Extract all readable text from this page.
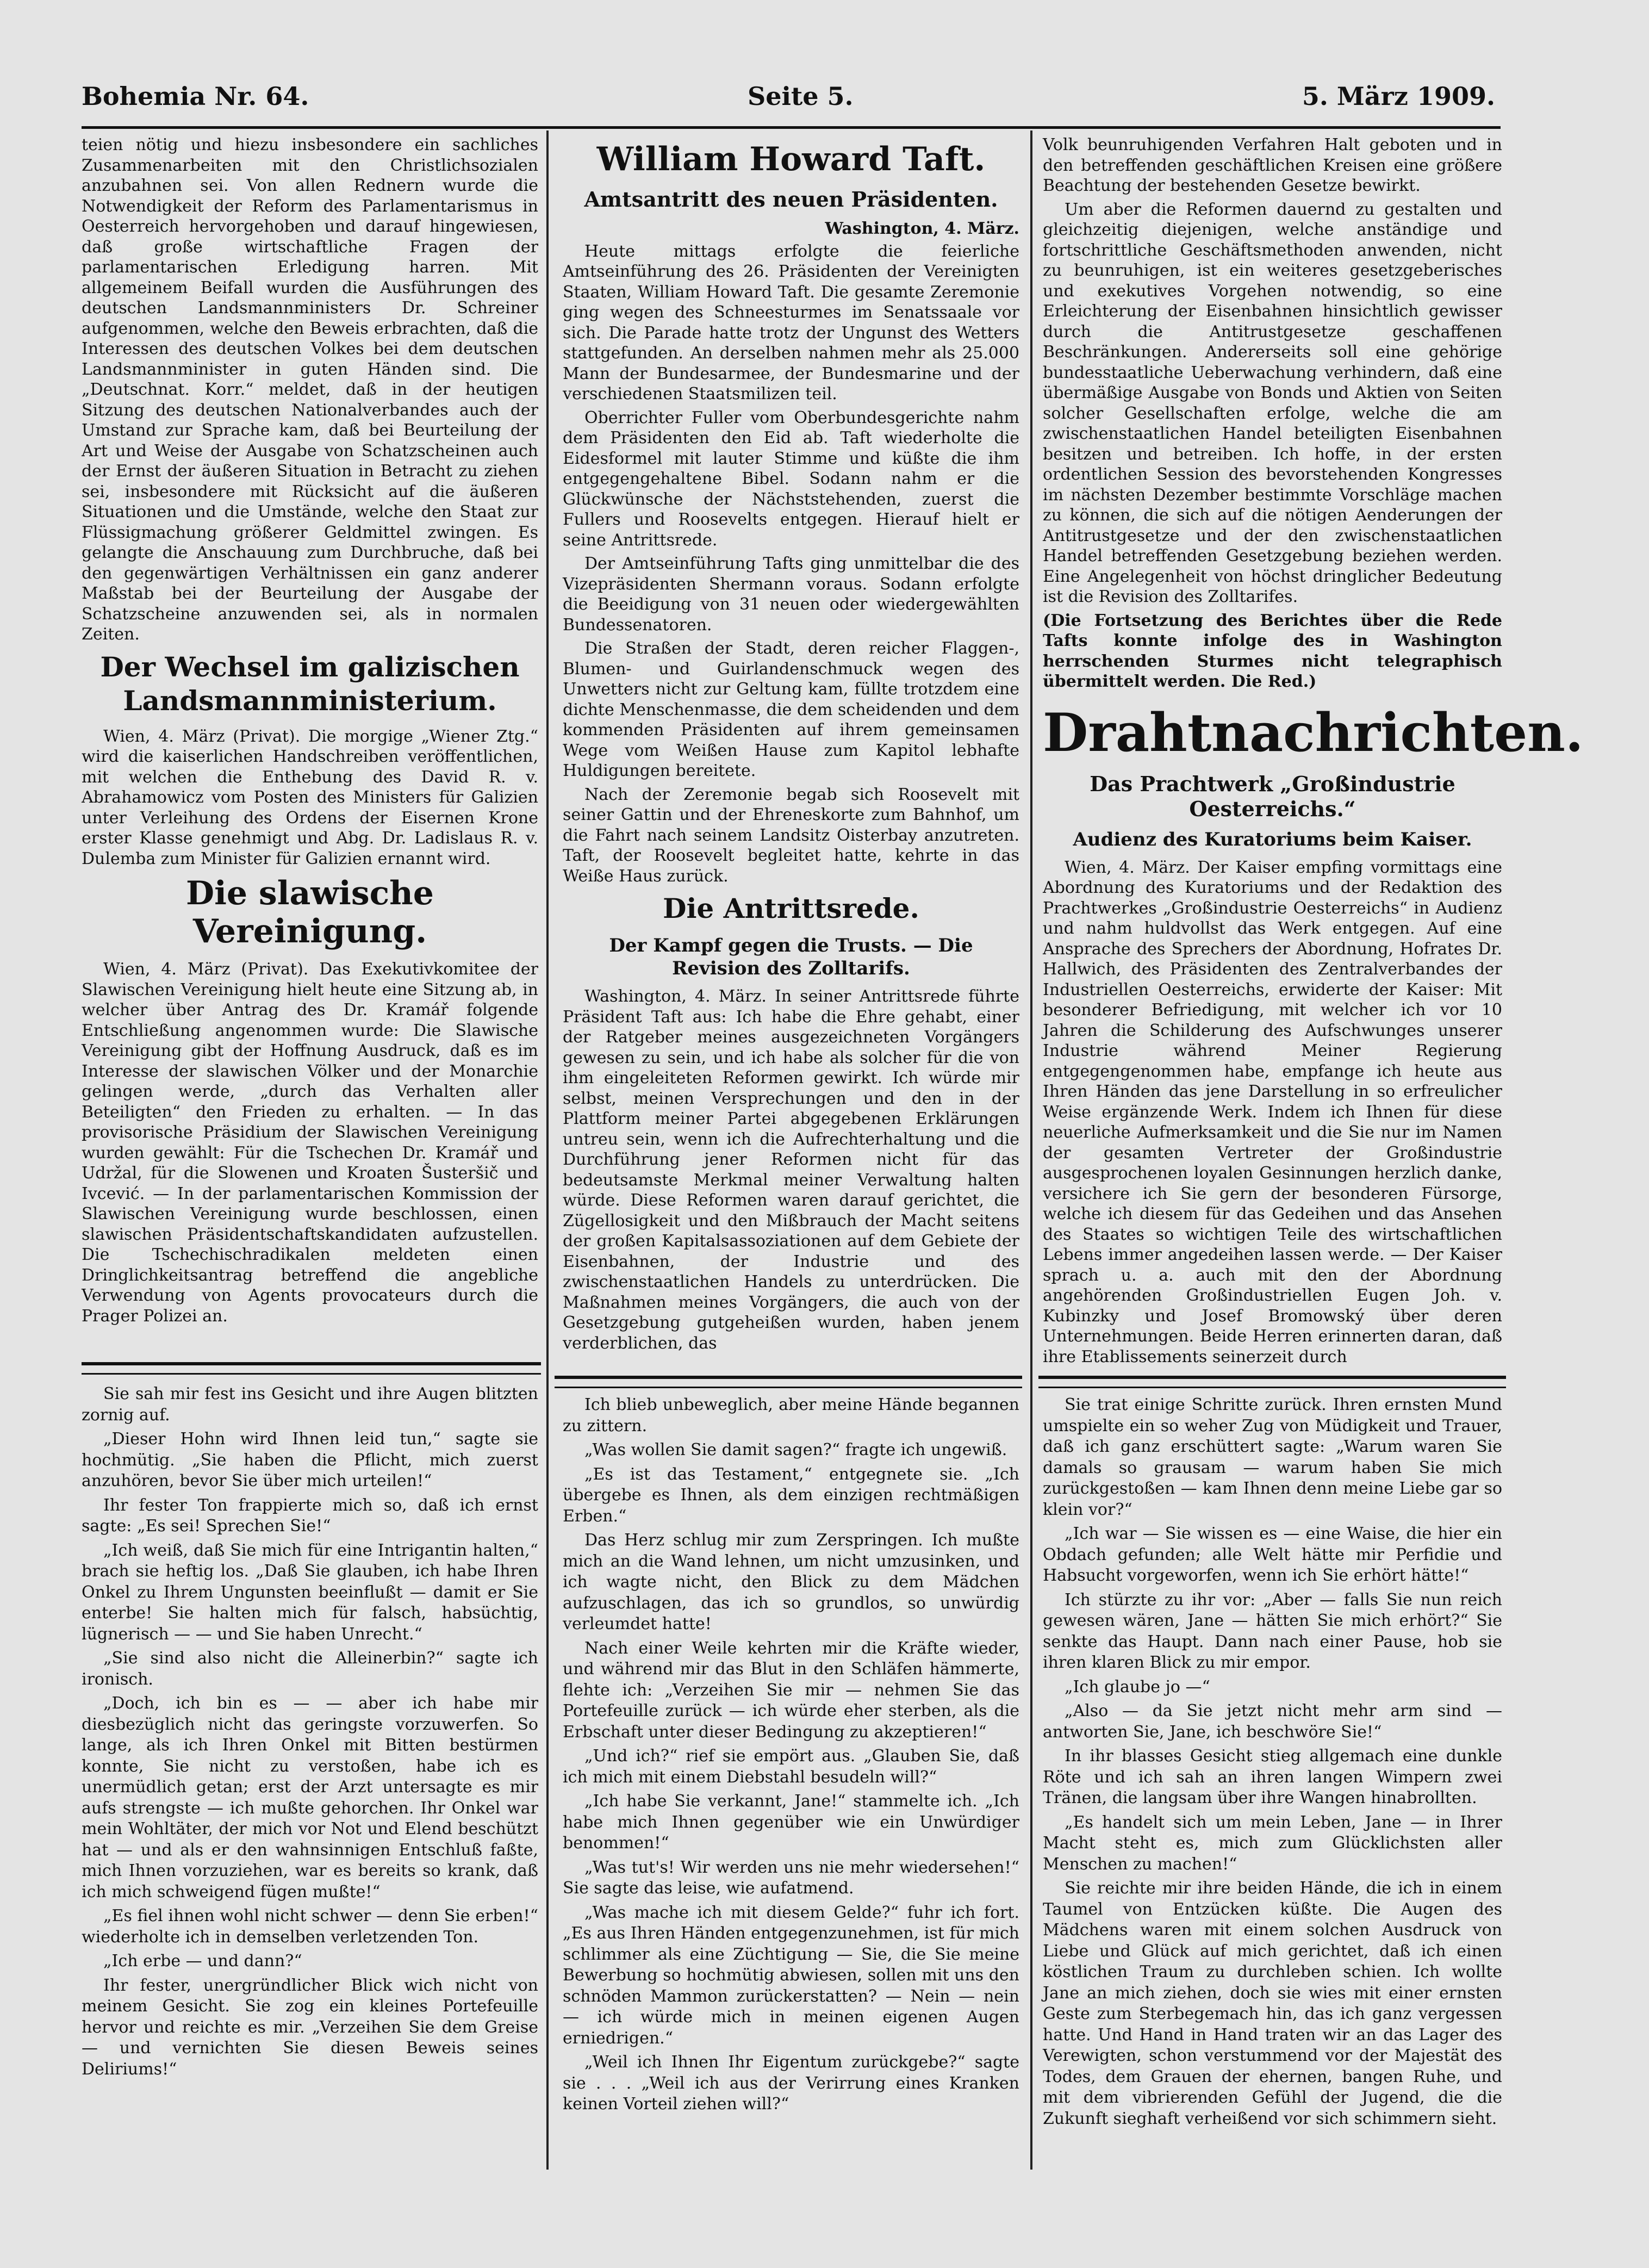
Bohemia Nr. 64.	Seite 5.	5. März 1909.

teien nötig und hiezu insbesondere ein sachliches Zusammenarbeiten mit den Christlichsozialen anzubahnen sei. Von allen Rednern wurde die Notwendigkeit der Reform des Parlamentarismus in Oesterreich hervorgehoben und darauf hingewiesen, daß große wirtschaftliche Fragen der parlamentarischen Erledigung harren. Mit allgemeinem Beifall wurden die Ausführungen des deutschen Landsmannministers Dr. Schreiner aufgenommen, welche den Beweis erbrachten, daß die Interessen des deutschen Volkes bei dem deutschen Landsmannminister in guten Händen sind. Die „Deutschnat. Korr.“ meldet, daß in der heutigen Sitzung des deutschen Nationalverbandes auch der Umstand zur Sprache kam, daß bei Beurteilung der Art und Weise der Ausgabe von Schatzscheinen auch der Ernst der äußeren Situation in Betracht zu ziehen sei, insbesondere mit Rücksicht auf die äußeren Situationen und die Umstände, welche den Staat zur Flüssigmachung größerer Geldmittel zwingen. Es gelangte die Anschauung zum Durchbruche, daß bei den gegenwärtigen Verhältnissen ein ganz anderer Maßstab bei der Beurteilung der Ausgabe der Schatzscheine anzuwenden sei, als in normalen Zeiten.

Der Wechsel im galizischen Landsmannministerium.

Wien, 4. März (Privat). Die morgige „Wiener Ztg.“ wird die kaiserlichen Handschreiben veröffentlichen, mit welchen die Enthebung des David R. v. Abrahamowicz vom Posten des Ministers für Galizien unter Verleihung des Ordens der Eisernen Krone erster Klasse genehmigt und Abg. Dr. Ladislaus R. v. Dulemba zum Minister für Galizien ernannt wird.

Die slawische Vereinigung.

Wien, 4. März (Privat). Das Exekutivkomitee der Slawischen Vereinigung hielt heute eine Sitzung ab, in welcher über Antrag des Dr. Kramář folgende Entschließung angenommen wurde: Die Slawische Vereinigung gibt der Hoffnung Ausdruck, daß es im Interesse der slawischen Völker und der Monarchie gelingen werde, „durch das Verhalten aller Beteiligten“ den Frieden zu erhalten. — In das provisorische Präsidium der Slawischen Vereinigung wurden gewählt: Für die Tschechen Dr. Kramář und Udržal, für die Slowenen und Kroaten Šusteršič und Ivcević. — In der parlamentarischen Kommission der Slawischen Vereinigung wurde beschlossen, einen slawischen Präsidentschaftskandidaten aufzustellen. Die Tschechischradikalen meldeten einen Dringlichkeitsantrag betreffend die angebliche Verwendung von Agents provocateurs durch die Prager Polizei an.

William Howard Taft.
Amtsantritt des neuen Präsidenten.
Washington, 4. März.

Heute mittags erfolgte die feierliche Amtseinführung des 26. Präsidenten der Vereinigten Staaten, William Howard Taft. Die gesamte Zeremonie ging wegen des Schneesturmes im Senatssaale vor sich. Die Parade hatte trotz der Ungunst des Wetters stattgefunden. An derselben nahmen mehr als 25.000 Mann der Bundesarmee, der Bundesmarine und der verschiedenen Staatsmilizen teil.

Oberrichter Fuller vom Oberbundesgerichte nahm dem Präsidenten den Eid ab. Taft wiederholte die Eidesformel mit lauter Stimme und küßte die ihm entgegengehaltene Bibel. Sodann nahm er die Glückwünsche der Nächststehenden, zuerst die Fullers und Roosevelts entgegen. Hierauf hielt er seine Antrittsrede.

Der Amtseinführung Tafts ging unmittelbar die des Vizepräsidenten Shermann voraus. Sodann erfolgte die Beeidigung von 31 neuen oder wiedergewählten Bundessenatoren.

Die Straßen der Stadt, deren reicher Flaggen-, Blumen- und Guirlandenschmuck wegen des Unwetters nicht zur Geltung kam, füllte trotzdem eine dichte Menschenmasse, die dem scheidenden und dem kommenden Präsidenten auf ihrem gemeinsamen Wege vom Weißen Hause zum Kapitol lebhafte Huldigungen bereitete.

Nach der Zeremonie begab sich Roosevelt mit seiner Gattin und der Ehreneskorte zum Bahnhof, um die Fahrt nach seinem Landsitz Oisterbay anzutreten. Taft, der Roosevelt begleitet hatte, kehrte in das Weiße Haus zurück.

Die Antrittsrede.
Der Kampf gegen die Trusts. — Die Revision des Zolltarifs.

Washington, 4. März. In seiner Antrittsrede führte Präsident Taft aus: Ich habe die Ehre gehabt, einer der Ratgeber meines ausgezeichneten Vorgängers gewesen zu sein, und ich habe als solcher für die von ihm eingeleiteten Reformen gewirkt. Ich würde mir selbst, meinen Versprechungen und den in der Plattform meiner Partei abgegebenen Erklärungen untreu sein, wenn ich die Aufrechterhaltung und die Durchführung jener Reformen nicht für das bedeutsamste Merkmal meiner Verwaltung halten würde. Diese Reformen waren darauf gerichtet, die Zügellosigkeit und den Mißbrauch der Macht seitens der großen Kapitalsassoziationen auf dem Gebiete der Eisenbahnen, der Industrie und des zwischenstaatlichen Handels zu unterdrücken. Die Maßnahmen meines Vorgängers, die auch von der Gesetzgebung gutgeheißen wurden, haben jenem verderblichen, das

Volk beunruhigenden Verfahren Halt geboten und in den betreffenden geschäftlichen Kreisen eine größere Beachtung der bestehenden Gesetze bewirkt.

Um aber die Reformen dauernd zu gestalten und gleichzeitig diejenigen, welche anständige und fortschrittliche Geschäftsmethoden anwenden, nicht zu beunruhigen, ist ein weiteres gesetzgeberisches und exekutives Vorgehen notwendig, so eine Erleichterung der Eisenbahnen hinsichtlich gewisser durch die Antitrustgesetze geschaffenen Beschränkungen. Andererseits soll eine gehörige bundesstaatliche Ueberwachung verhindern, daß eine übermäßige Ausgabe von Bonds und Aktien von Seiten solcher Gesellschaften erfolge, welche die am zwischenstaatlichen Handel beteiligten Eisenbahnen besitzen und betreiben. Ich hoffe, in der ersten ordentlichen Session des bevorstehenden Kongresses im nächsten Dezember bestimmte Vorschläge machen zu können, die sich auf die nötigen Aenderungen der Antitrustgesetze und der den zwischenstaatlichen Handel betreffenden Gesetzgebung beziehen werden. Eine Angelegenheit von höchst dringlicher Bedeutung ist die Revision des Zolltarifes.

(Die Fortsetzung des Berichtes über die Rede Tafts konnte infolge des in Washington herrschenden Sturmes nicht telegraphisch übermittelt werden. Die Red.)

Drahtnachrichten.
Das Prachtwerk „Großindustrie Oesterreichs.“
Audienz des Kuratoriums beim Kaiser.

Wien, 4. März. Der Kaiser empfing vormittags eine Abordnung des Kuratoriums und der Redaktion des Prachtwerkes „Großindustrie Oesterreichs“ in Audienz und nahm huldvollst das Werk entgegen. Auf eine Ansprache des Sprechers der Abordnung, Hofrates Dr. Hallwich, des Präsidenten des Zentralverbandes der Industriellen Oesterreichs, erwiderte der Kaiser: Mit besonderer Befriedigung, mit welcher ich vor 10 Jahren die Schilderung des Aufschwunges unserer Industrie während Meiner Regierung entgegengenommen habe, empfange ich heute aus Ihren Händen das jene Darstellung in so erfreulicher Weise ergänzende Werk. Indem ich Ihnen für diese neuerliche Aufmerksamkeit und die Sie nur im Namen der gesamten Vertreter der Großindustrie ausgesprochenen loyalen Gesinnungen herzlich danke, versichere ich Sie gern der besonderen Fürsorge, welche ich diesem für das Gedeihen und das Ansehen des Staates so wichtigen Teile des wirtschaftlichen Lebens immer angedeihen lassen werde. — Der Kaiser sprach u. a. auch mit den der Abordnung angehörenden Großindustriellen Eugen Joh. v. Kubinzky und Josef Bromowský über deren Unternehmungen. Beide Herren erinnerten daran, daß ihre Etablissements seinerzeit durch

Sie sah mir fest ins Gesicht und ihre Augen blitzten zornig auf.

„Dieser Hohn wird Ihnen leid tun,“ sagte sie hochmütig. „Sie haben die Pflicht, mich zuerst anzuhören, bevor Sie über mich urteilen!“

Ihr fester Ton frappierte mich so, daß ich ernst sagte: „Es sei! Sprechen Sie!“

„Ich weiß, daß Sie mich für eine Intrigantin halten,“ brach sie heftig los. „Daß Sie glauben, ich habe Ihren Onkel zu Ihrem Ungunsten beeinflußt — damit er Sie enterbe! Sie halten mich für falsch, habsüchtig, lügnerisch — — und Sie haben Unrecht.“

„Sie sind also nicht die Alleinerbin?“ sagte ich ironisch.

„Doch, ich bin es — — aber ich habe mir diesbezüglich nicht das geringste vorzuwerfen. So lange, als ich Ihren Onkel mit Bitten bestürmen konnte, Sie nicht zu verstoßen, habe ich es unermüdlich getan; erst der Arzt untersagte es mir aufs strengste — ich mußte gehorchen. Ihr Onkel war mein Wohltäter, der mich vor Not und Elend beschützt hat — und als er den wahnsinnigen Entschluß faßte, mich Ihnen vorzuziehen, war es bereits so krank, daß ich mich schweigend fügen mußte!“

„Es fiel ihnen wohl nicht schwer — denn Sie erben!“ wiederholte ich in demselben verletzenden Ton.

„Ich erbe — und dann?“

Ihr fester, unergründlicher Blick wich nicht von meinem Gesicht. Sie zog ein kleines Portefeuille hervor und reichte es mir. „Verzeihen Sie dem Greise — und vernichten Sie diesen Beweis seines Deliriums!“

Ich blieb unbeweglich, aber meine Hände begannen zu zittern.

„Was wollen Sie damit sagen?“ fragte ich ungewiß.

„Es ist das Testament,“ entgegnete sie. „Ich übergebe es Ihnen, als dem einzigen rechtmäßigen Erben.“

Das Herz schlug mir zum Zerspringen. Ich mußte mich an die Wand lehnen, um nicht umzusinken, und ich wagte nicht, den Blick zu dem Mädchen aufzuschlagen, das ich so grundlos, so unwürdig verleumdet hatte!

Nach einer Weile kehrten mir die Kräfte wieder, und während mir das Blut in den Schläfen hämmerte, flehte ich: „Verzeihen Sie mir — nehmen Sie das Portefeuille zurück — ich würde eher sterben, als die Erbschaft unter dieser Bedingung zu akzeptieren!“

„Und ich?“ rief sie empört aus. „Glauben Sie, daß ich mich mit einem Diebstahl besudeln will?“

„Ich habe Sie verkannt, Jane!“ stammelte ich. „Ich habe mich Ihnen gegenüber wie ein Unwürdiger benommen!“

„Was tut's! Wir werden uns nie mehr wiedersehen!“ Sie sagte das leise, wie aufatmend.

„Was mache ich mit diesem Gelde?“ fuhr ich fort. „Es aus Ihren Händen entgegenzunehmen, ist für mich schlimmer als eine Züchtigung — Sie, die Sie meine Bewerbung so hochmütig abwiesen, sollen mit uns den schnöden Mammon zurückerstatten? — Nein — nein — ich würde mich in meinen eigenen Augen erniedrigen.“

„Weil ich Ihnen Ihr Eigentum zurückgebe?“ sagte sie . . . „Weil ich aus der Verirrung eines Kranken keinen Vorteil ziehen will?“

Sie trat einige Schritte zurück. Ihren ernsten Mund umspielte ein so weher Zug von Müdigkeit und Trauer, daß ich ganz erschüttert sagte: „Warum waren Sie damals so grausam — warum haben Sie mich zurückgestoßen — kam Ihnen denn meine Liebe gar so klein vor?“

„Ich war — Sie wissen es — eine Waise, die hier ein Obdach gefunden; alle Welt hätte mir Perfidie und Habsucht vorgeworfen, wenn ich Sie erhört hätte!“

Ich stürzte zu ihr vor: „Aber — falls Sie nun reich gewesen wären, Jane — hätten Sie mich erhört?“ Sie senkte das Haupt. Dann nach einer Pause, hob sie ihren klaren Blick zu mir empor.

„Ich glaube jo —“

„Also — da Sie jetzt nicht mehr arm sind — antworten Sie, Jane, ich beschwöre Sie!“

In ihr blasses Gesicht stieg allgemach eine dunkle Röte und ich sah an ihren langen Wimpern zwei Tränen, die langsam über ihre Wangen hinabrollten.

„Es handelt sich um mein Leben, Jane — in Ihrer Macht steht es, mich zum Glücklichsten aller Menschen zu machen!“

Sie reichte mir ihre beiden Hände, die ich in einem Taumel von Entzücken küßte. Die Augen des Mädchens waren mit einem solchen Ausdruck von Liebe und Glück auf mich gerichtet, daß ich einen köstlichen Traum zu durchleben schien. Ich wollte Jane an mich ziehen, doch sie wies mit einer ernsten Geste zum Sterbegemach hin, das ich ganz vergessen hatte. Und Hand in Hand traten wir an das Lager des Verewigten, schon verstummend vor der Majestät des Todes, dem Grauen der ehernen, bangen Ruhe, und mit dem vibrierenden Gefühl der Jugend, die die Zukunft sieghaft verheißend vor sich schimmern sieht.
